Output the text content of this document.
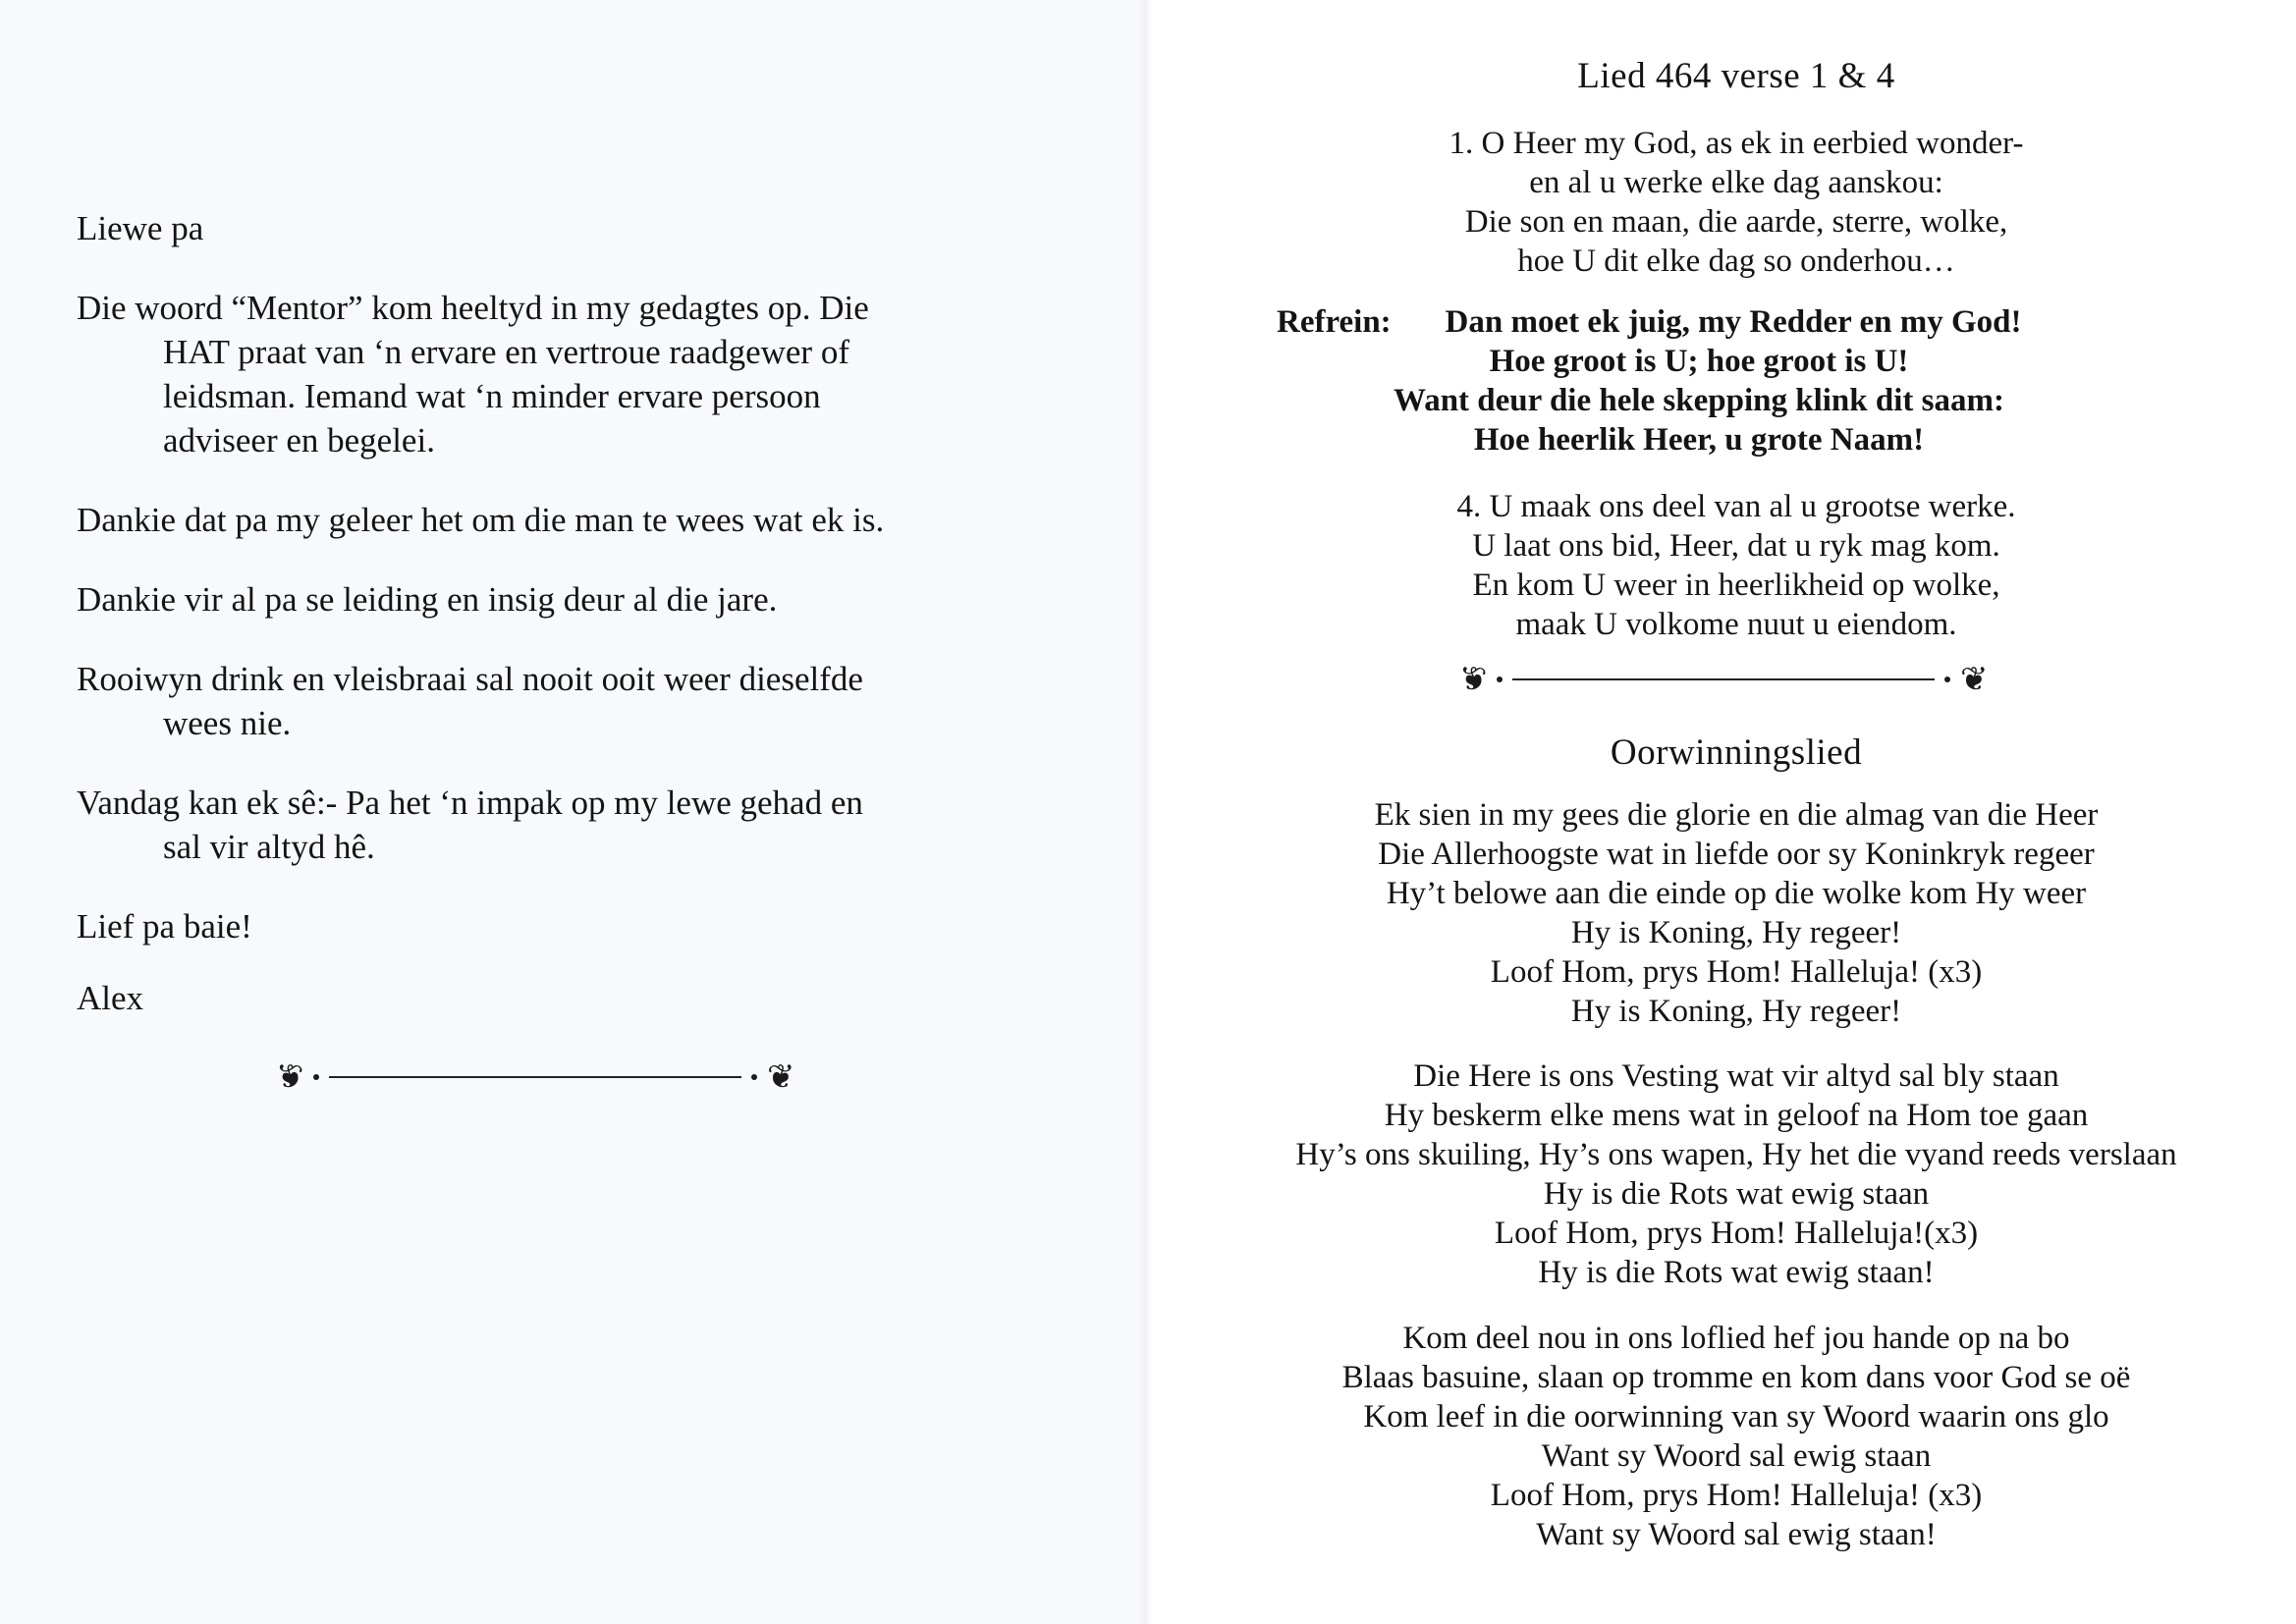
Liewe pa

Die woord “Mentor” kom heeltyd in my gedagtes op. Die
HAT praat van ‘n ervare en vertroue raadgewer of
leidsman. Iemand wat ‘n minder ervare persoon
adviseer en begelei.

Dankie dat pa my geleer het om die man te wees wat ek is.

Dankie vir al pa se leiding en insig deur al die jare.

Rooiwyn drink en vleisbraai sal nooit ooit weer dieselfde
wees nie.

Vandag kan ek sê:- Pa het ‘n impak op my lewe gehad en
sal vir altyd hê.

Lief pa baie!

Alex

❦	❦
Lied 464 verse 1 & 4
1. O Heer my God, as ek in eerbied wonder-
en al u werke elke dag aanskou:
Die son en maan, die aarde, sterre, wolke,
hoe U dit elke dag so onderhou…
Refrein:	Dan moet ek juig, my Redder en my God!
Hoe groot is U; hoe groot is U!
Want deur die hele skepping klink dit saam:
Hoe heerlik Heer, u grote Naam!
4. U maak ons deel van al u grootse werke.
U laat ons bid, Heer, dat u ryk mag kom.
En kom U weer in heerlikheid op wolke,
maak U volkome nuut u eiendom.
❦	❦
Oorwinningslied
Ek sien in my gees die glorie en die almag van die Heer
Die Allerhoogste wat in liefde oor sy Koninkryk regeer
Hy’t belowe aan die einde op die wolke kom Hy weer
Hy is Koning, Hy regeer!
Loof Hom, prys Hom! Halleluja! (x3)
Hy is Koning, Hy regeer!
Die Here is ons Vesting wat vir altyd sal bly staan
Hy beskerm elke mens wat in geloof na Hom toe gaan
Hy’s ons skuiling, Hy’s ons wapen, Hy het die vyand reeds verslaan
Hy is die Rots wat ewig staan
Loof Hom, prys Hom! Halleluja!(x3)
Hy is die Rots wat ewig staan!
Kom deel nou in ons loflied hef jou hande op na bo
Blaas basuine, slaan op tromme en kom dans voor God se oë
Kom leef in die oorwinning van sy Woord waarin ons glo
Want sy Woord sal ewig staan
Loof Hom, prys Hom! Halleluja! (x3)
Want sy Woord sal ewig staan!
